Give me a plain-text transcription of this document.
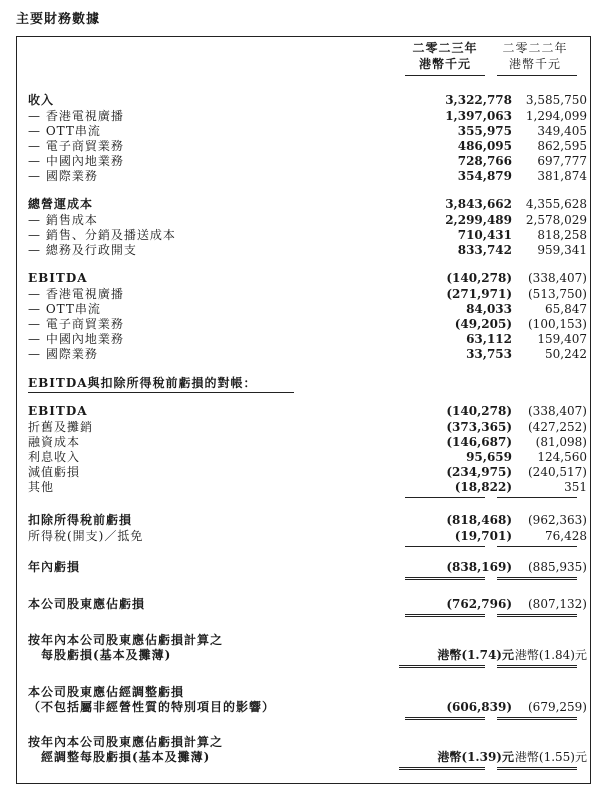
主要財務數據
二零二三年
港幣千元
二零二二年
港幣千元
收入	3,322,778	3,585,750
— 香港電視廣播	1,397,063	1,294,099
— OTT串流	355,975	349,405
— 電子商貿業務	486,095	862,595
— 中國內地業務	728,766	697,777
— 國際業務	354,879	381,874
總營運成本	3,843,662	4,355,628
— 銷售成本	2,299,489	2,578,029
— 銷售、分銷及播送成本	710,431	818,258
— 總務及行政開支	833,742	959,341
EBITDA	(140,278)	(338,407)
— 香港電視廣播	(271,971)	(513,750)
— OTT串流	84,033	65,847
— 電子商貿業務	(49,205)	(100,153)
— 中國內地業務	63,112	159,407
— 國際業務	33,753	50,242
EBITDA與扣除所得稅前虧損的對帳：
EBITDA	(140,278)	(338,407)
折舊及攤銷	(373,365)	(427,252)
融資成本	(146,687)	(81,098)
利息收入	95,659	124,560
減值虧損	(234,975)	(240,517)
其他	(18,822)	351
扣除所得稅前虧損	(818,468)	(962,363)
所得稅(開支)／抵免	(19,701)	76,428
年內虧損	(838,169)	(885,935)
本公司股東應佔虧損	(762,796)	(807,132)
按年內本公司股東應佔虧損計算之
　每股虧損(基本及攤薄)	港幣(1.74)元 港幣(1.84)元
本公司股東應佔經調整虧損
（不包括屬非經營性質的特別項目的影響）	(606,839)	(679,259)
按年內本公司股東應佔虧損計算之
　經調整每股虧損(基本及攤薄)	港幣(1.39)元 港幣(1.55)元
